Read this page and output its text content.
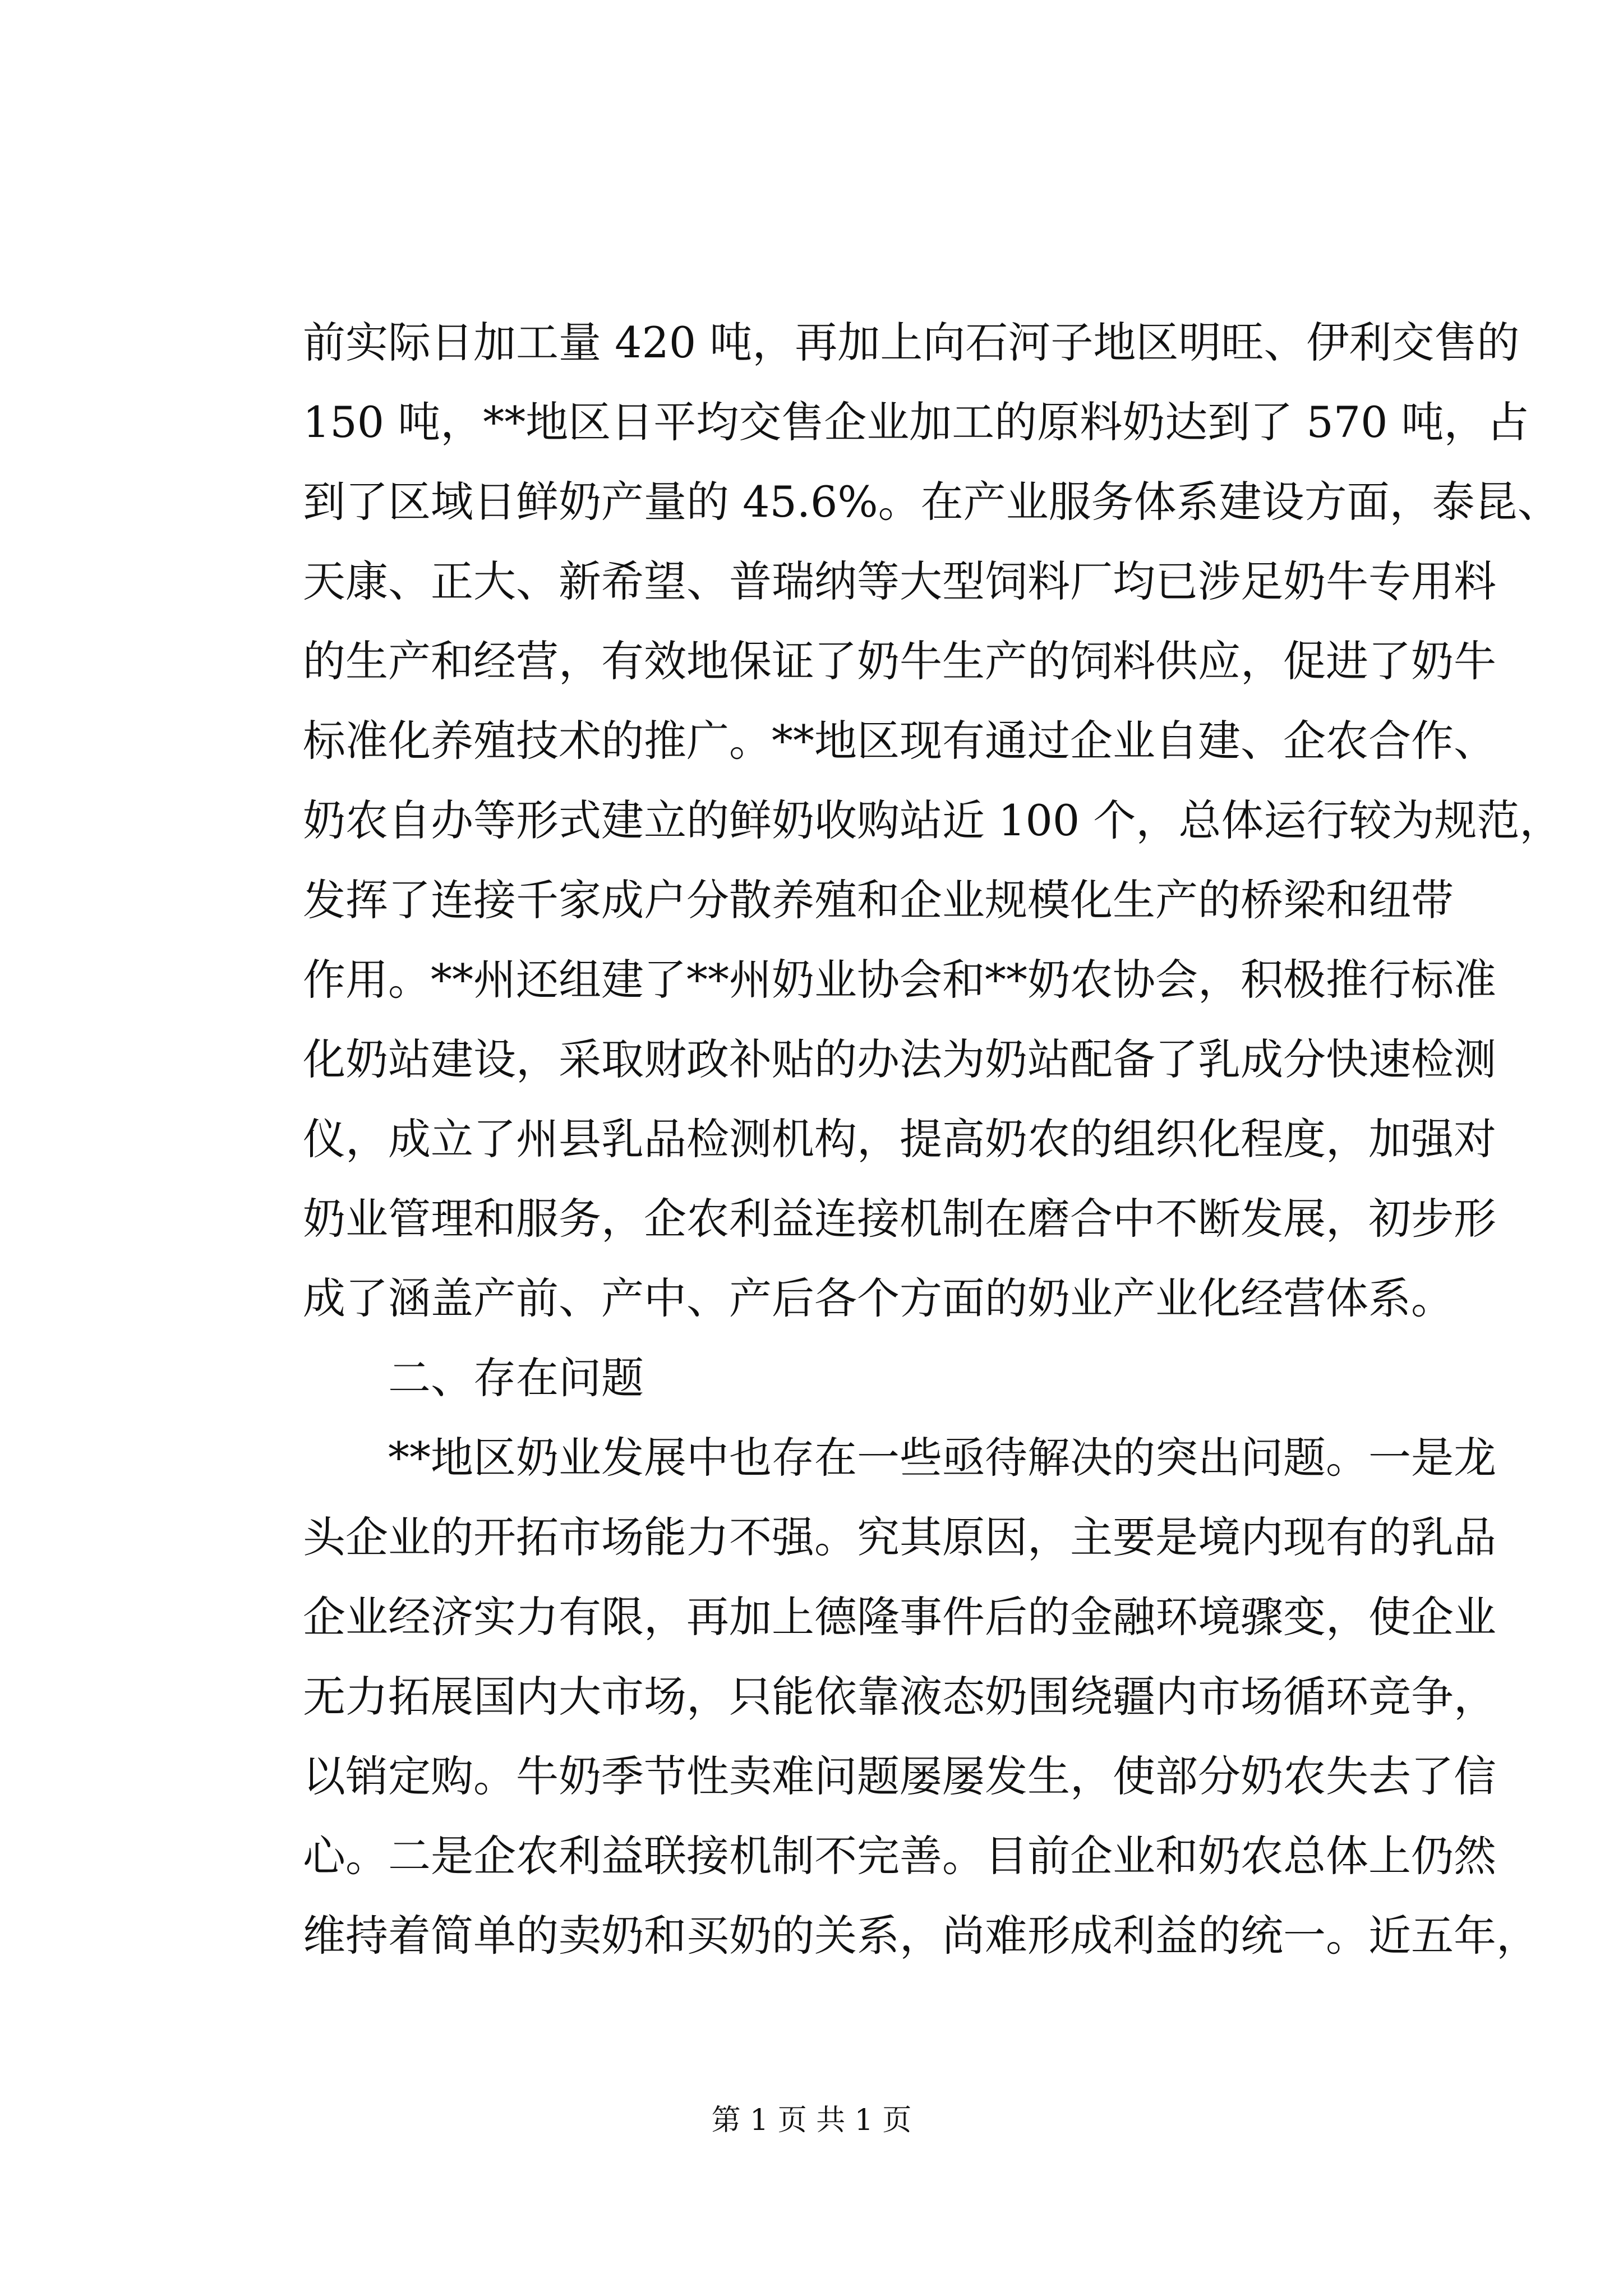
前实际日加工量 420 吨，再加上向石河子地区明旺、伊利交售的
150 吨，**地区日平均交售企业加工的原料奶达到了 570 吨，占
到了区域日鲜奶产量的 45.6%。在产业服务体系建设方面，泰昆、
天康、正大、新希望、普瑞纳等大型饲料厂均已涉足奶牛专用料
的生产和经营，有效地保证了奶牛生产的饲料供应，促进了奶牛
标准化养殖技术的推广。**地区现有通过企业自建、企农合作、
奶农自办等形式建立的鲜奶收购站近 100 个，总体运行较为规范，
发挥了连接千家成户分散养殖和企业规模化生产的桥梁和纽带
作用。**州还组建了**州奶业协会和**奶农协会，积极推行标准
化奶站建设，采取财政补贴的办法为奶站配备了乳成分快速检测
仪，成立了州县乳品检测机构，提高奶农的组织化程度，加强对
奶业管理和服务，企农利益连接机制在磨合中不断发展，初步形
成了涵盖产前、产中、产后各个方面的奶业产业化经营体系。
二、存在问题
**地区奶业发展中也存在一些亟待解决的突出问题。一是龙
头企业的开拓市场能力不强。究其原因，主要是境内现有的乳品
企业经济实力有限，再加上德隆事件后的金融环境骤变，使企业
无力拓展国内大市场，只能依靠液态奶围绕疆内市场循环竞争，
以销定购。牛奶季节性卖难问题屡屡发生，使部分奶农失去了信
心。二是企农利益联接机制不完善。目前企业和奶农总体上仍然
维持着简单的卖奶和买奶的关系，尚难形成利益的统一。近五年，
第 1 页 共 1 页
